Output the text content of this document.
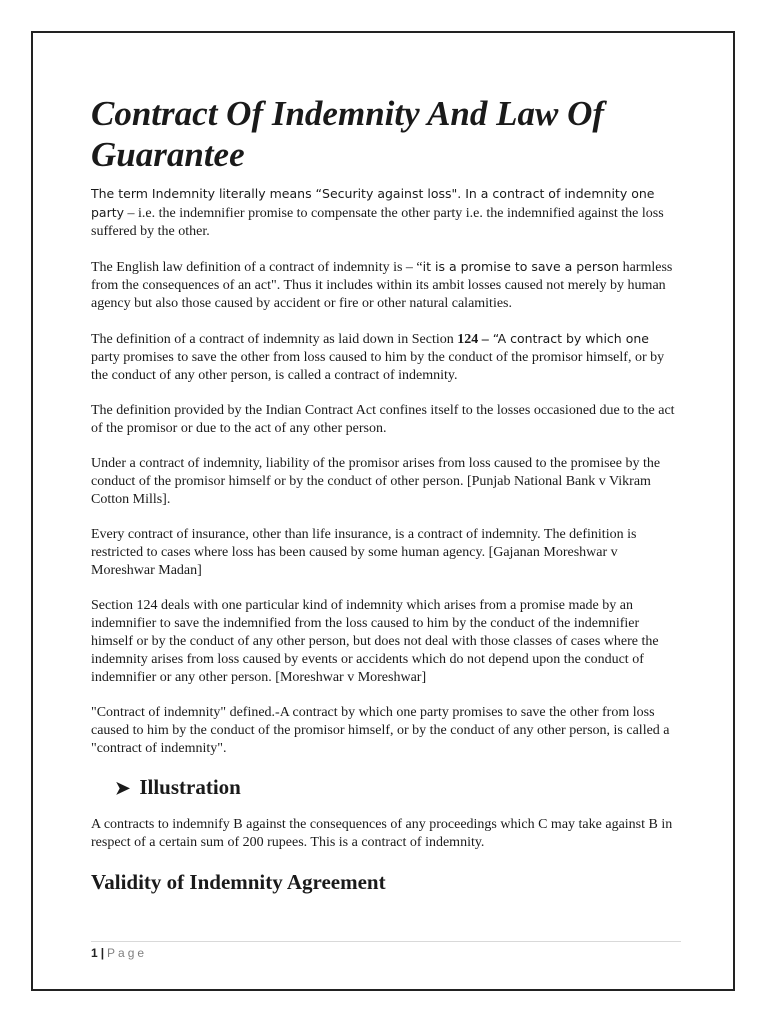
Contract Of Indemnity And Law Of Guarantee

The term Indemnity literally means “Security against loss". In a contract of indemnity one party – i.e. the indemnifier promise to compensate the other party i.e. the indemnified against the loss suffered by the other.

The English law definition of a contract of indemnity is – “it is a promise to save a person harmless from the consequences of an act". Thus it includes within its ambit losses caused not merely by human agency but also those caused by accident or fire or other natural calamities.

The definition of a contract of indemnity as laid down in Section 124 – “A contract by which one party promises to save the other from loss caused to him by the conduct of the promisor himself, or by the conduct of any other person, is called a contract of indemnity.

The definition provided by the Indian Contract Act confines itself to the losses occasioned due to the act of the promisor or due to the act of any other person.

Under a contract of indemnity, liability of the promisor arises from loss caused to the promisee by the conduct of the promisor himself or by the conduct of other person. [Punjab National Bank v Vikram Cotton Mills].

Every contract of insurance, other than life insurance, is a contract of indemnity. The definition is restricted to cases where loss has been caused by some human agency. [Gajanan Moreshwar v Moreshwar Madan]

Section 124 deals with one particular kind of indemnity which arises from a promise made by an indemnifier to save the indemnified from the loss caused to him by the conduct of the indemnifier himself or by the conduct of any other person, but does not deal with those classes of cases where the indemnity arises from loss caused by events or accidents which do not depend upon the conduct of indemnifier or any other person. [Moreshwar v Moreshwar]

"Contract of indemnity" defined.-A contract by which one party promises to save the other from loss caused to him by the conduct of the promisor himself, or by the conduct of any other person, is called a "contract of indemnity".

➤ Illustration

A contracts to indemnify B against the consequences of any proceedings which C may take against B in respect of a certain sum of 200 rupees. This is a contract of indemnity.

Validity of Indemnity Agreement
1 | Page
